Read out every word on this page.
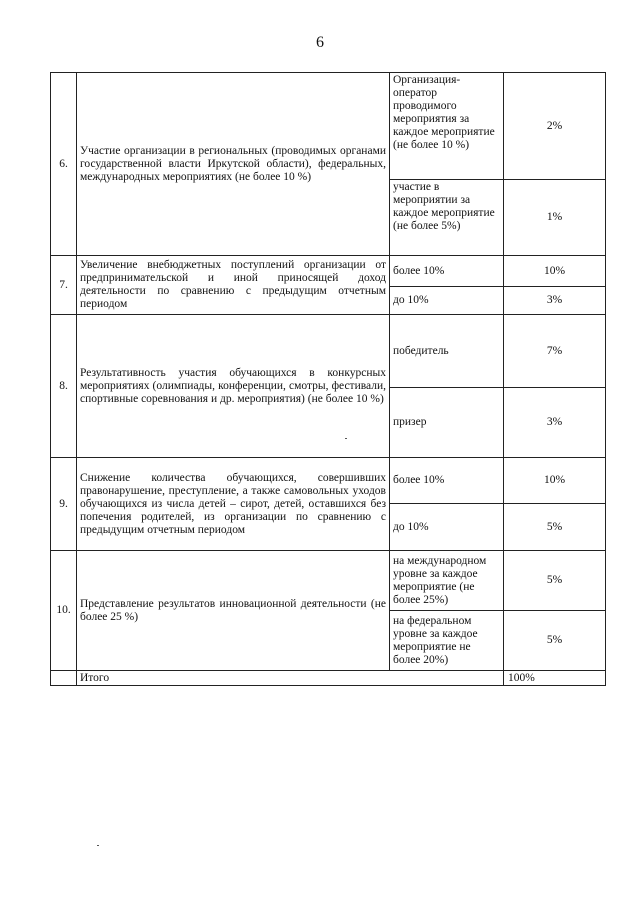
6
6.	Участие организации в региональных (проводимых органами государственной власти Иркутской области), федеральных, международных мероприятиях (не более 10 %)	Организация-оператор проводимого мероприятия за каждое мероприятие (не более 10 %)	2%
		участие в мероприятии за каждое мероприятие (не более 5%)	1%
7.	Увеличение внебюджетных поступлений организации от предпринимательской и иной приносящей доход деятельности по сравнению с предыдущим отчетным периодом	более 10%	10%
		до 10%	3%
8.	Результативность участия обучающихся в конкурсных мероприятиях (олимпиады, конференции, смотры, фестивали, спортивные соревнования и др. мероприятия) (не более 10 %)	победитель	7%
		призер	3%
9.	Снижение количества обучающихся, совершивших правонарушение, преступление, а также самовольных уходов обучающихся из числа детей – сирот, детей, оставшихся без попечения родителей, из организации по сравнению с предыдущим отчетным периодом	более 10%	10%
		до 10%	5%
10.	Представление результатов инновационной деятельности (не более 25 %)	на международном уровне за каждое мероприятие (не более 25%)	5%
		на федеральном уровне за каждое мероприятие не более 20%)	5%
	Итого		100%
